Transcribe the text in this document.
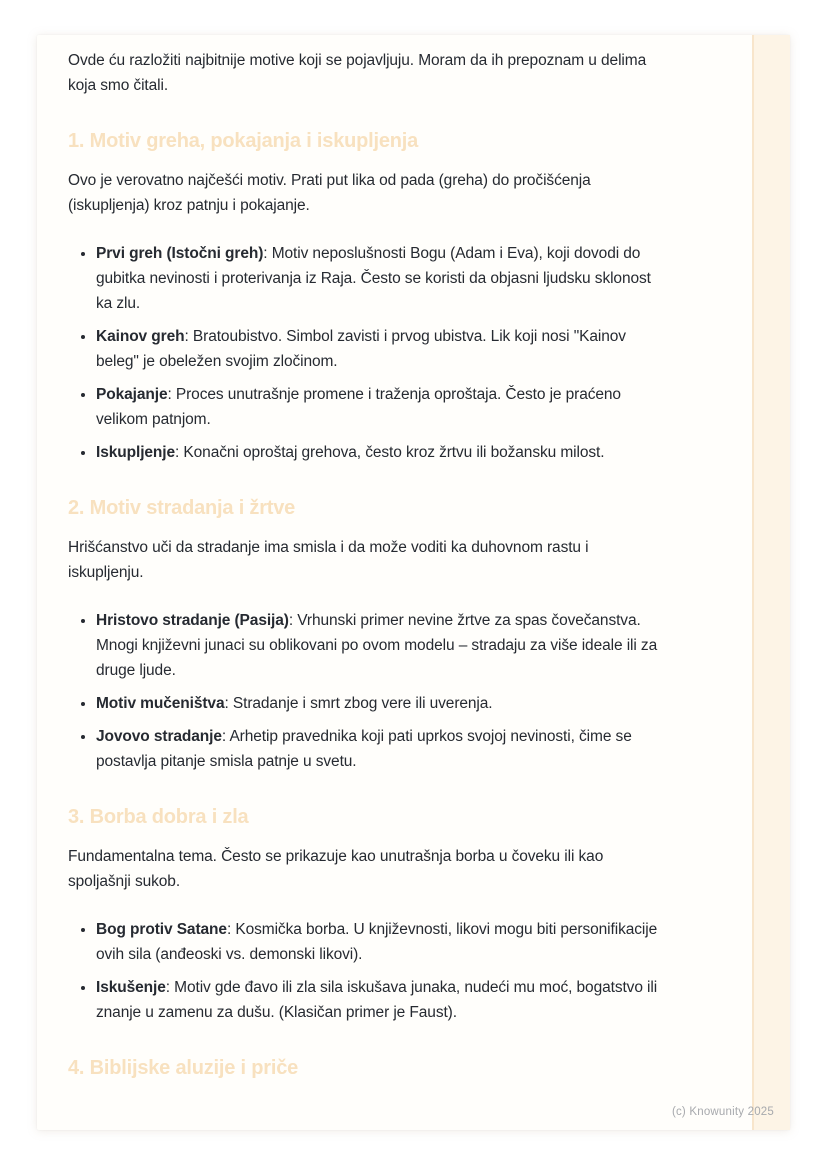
Ovde ću razložiti najbitnije motive koji se pojavljuju. Moram da ih prepoznam u delima koja smo čitali.

1. Motiv greha, pokajanja i iskupljenja

Ovo je verovatno najčešći motiv. Prati put lika od pada (greha) do pročišćenja (iskupljenja) kroz patnju i pokajanje.

• Prvi greh (Istočni greh): Motiv neposlušnosti Bogu (Adam i Eva), koji dovodi do gubitka nevinosti i proterivanja iz Raja. Često se koristi da objasni ljudsku sklonost ka zlu.
• Kainov greh: Bratoubistvo. Simbol zavisti i prvog ubistva. Lik koji nosi "Kainov beleg" je obeležen svojim zločinom.
• Pokajanje: Proces unutrašnje promene i traženja oproštaja. Često je praćeno velikom patnjom.
• Iskupljenje: Konačni oproštaj grehova, često kroz žrtvu ili božansku milost.
2. Motiv stradanja i žrtve

Hrišćanstvo uči da stradanje ima smisla i da može voditi ka duhovnom rastu i iskupljenju.

• Hristovo stradanje (Pasija): Vrhunski primer nevine žrtve za spas čovečanstva. Mnogi književni junaci su oblikovani po ovom modelu – stradaju za više ideale ili za druge ljude.
• Motiv mučeništva: Stradanje i smrt zbog vere ili uverenja.
• Jovovo stradanje: Arhetip pravednika koji pati uprkos svojoj nevinosti, čime se postavlja pitanje smisla patnje u svetu.
3. Borba dobra i zla

Fundamentalna tema. Često se prikazuje kao unutrašnja borba u čoveku ili kao spoljašnji sukob.

• Bog protiv Satane: Kosmička borba. U književnosti, likovi mogu biti personifikacije ovih sila (anđeoski vs. demonski likovi).
• Iskušenje: Motiv gde đavo ili zla sila iskušava junaka, nudeći mu moć, bogatstvo ili znanje u zamenu za dušu. (Klasičan primer je Faust).
4. Biblijske aluzije i priče
(c) Knowunity 2025
